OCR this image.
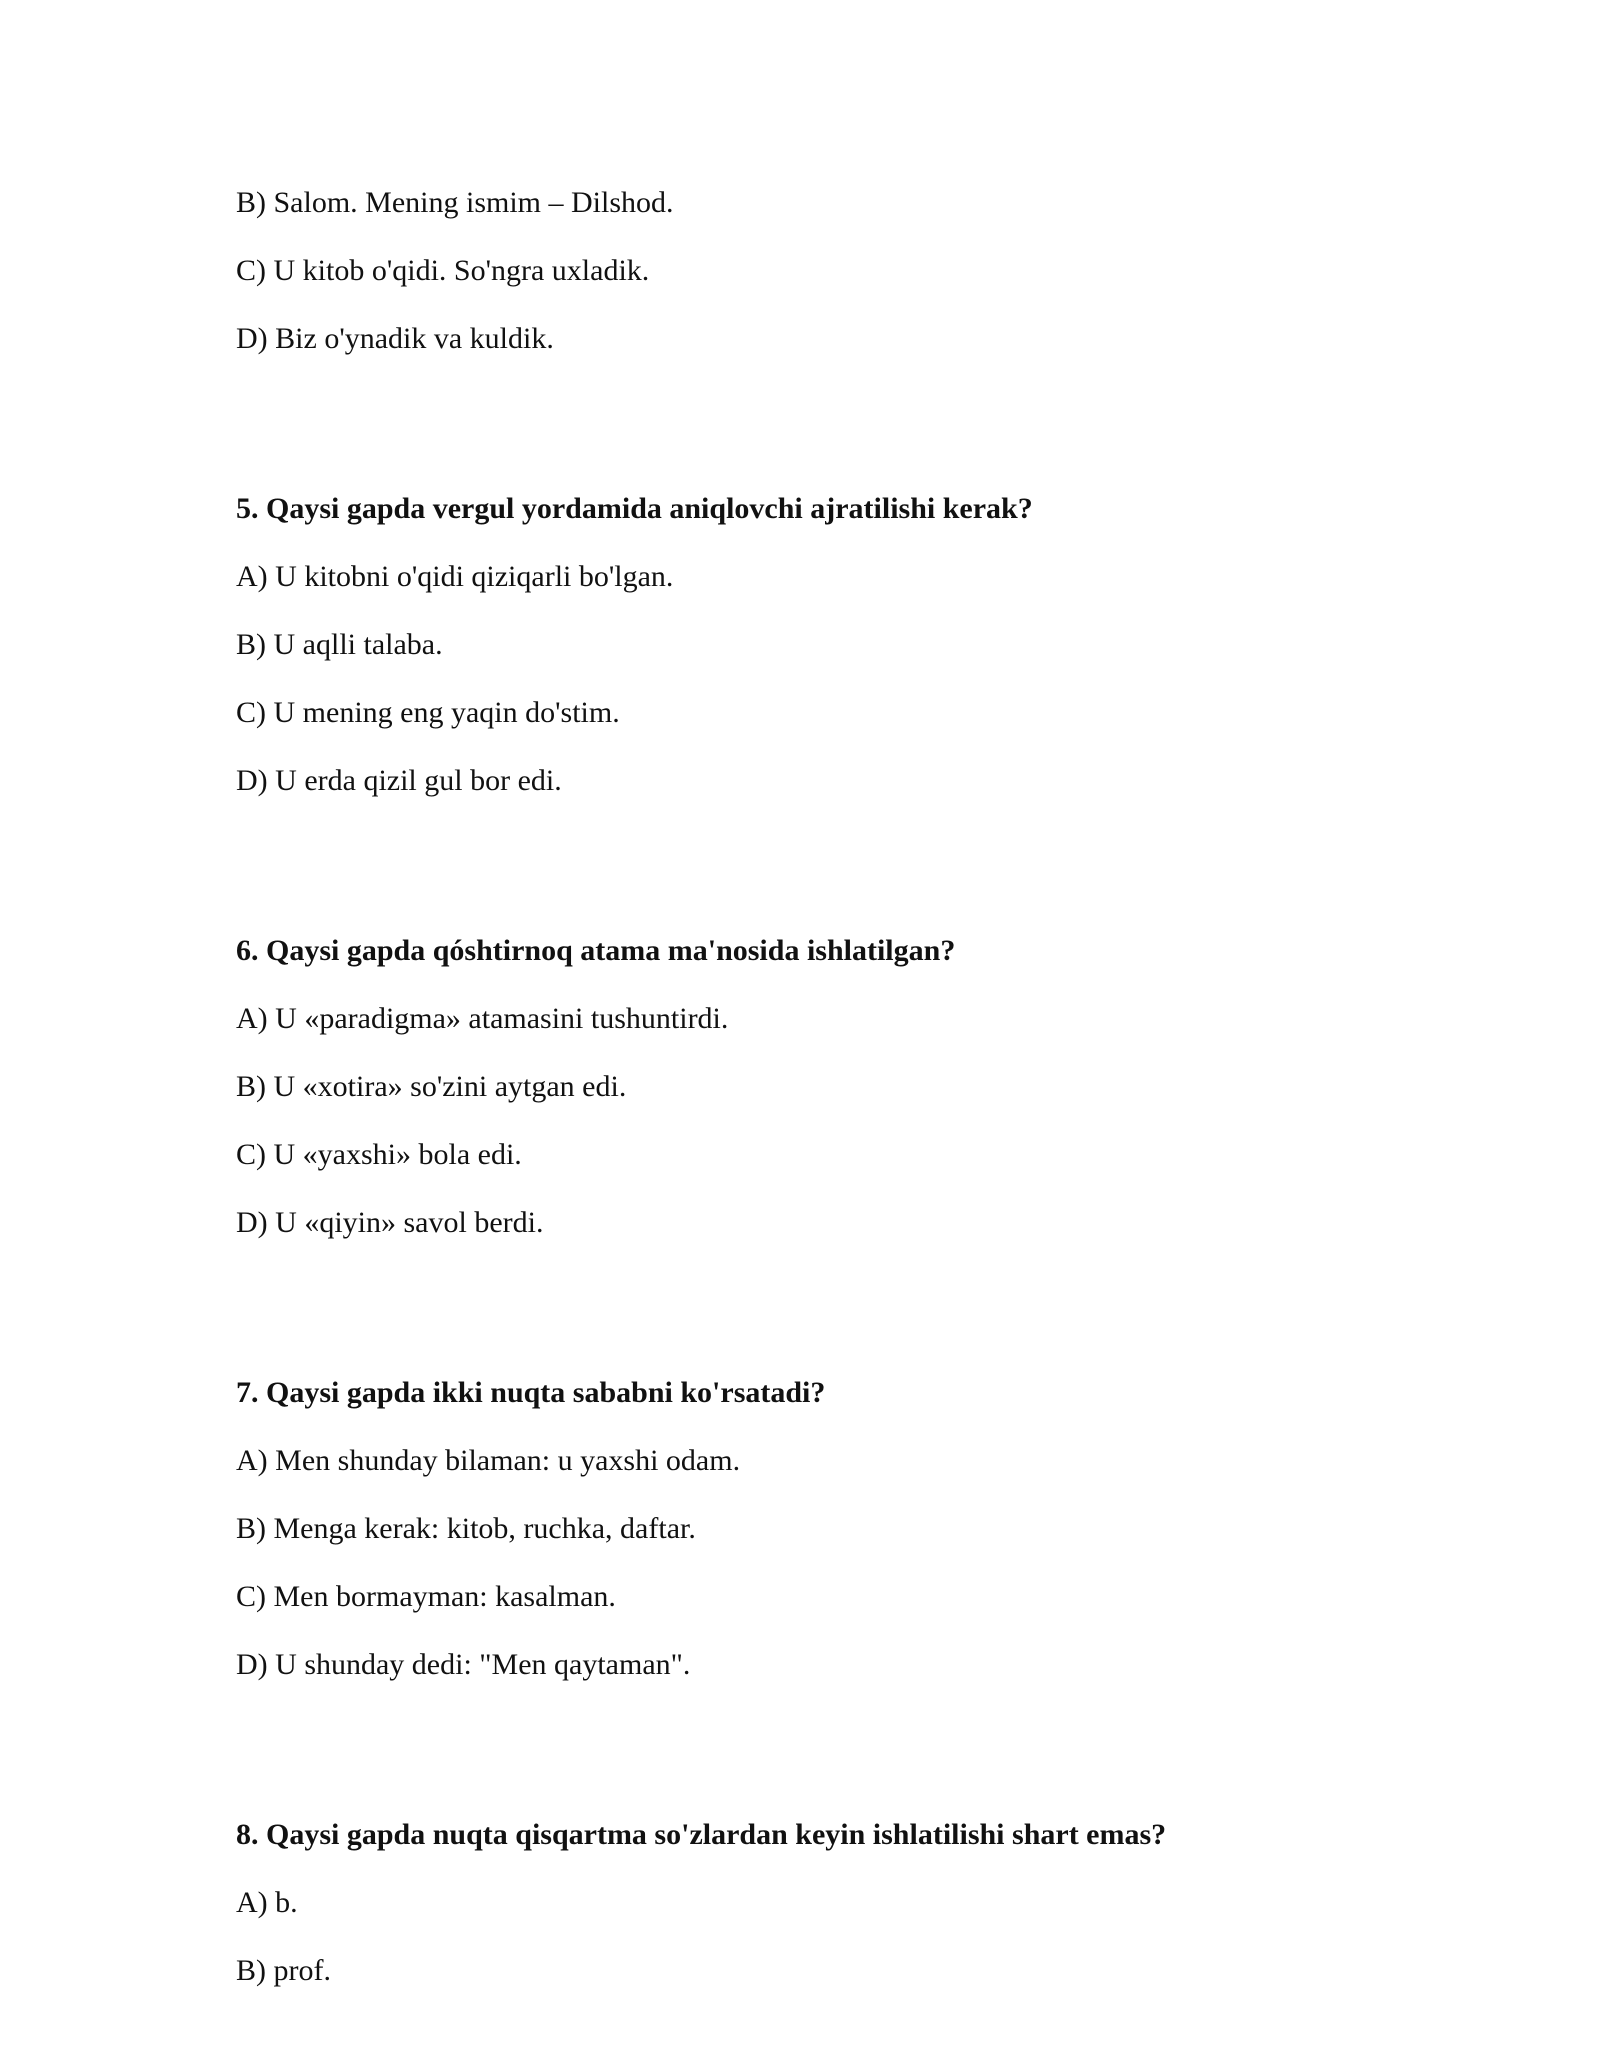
B) Salom. Mening ismim – Dilshod.

C) U kitob o'qidi. So'ngra uxladik.

D) Biz o'ynadik va kuldik.

5. Qaysi gapda vergul yordamida aniqlovchi ajratilishi kerak?

A) U kitobni o'qidi qiziqarli bo'lgan.

B) U aqlli talaba.

C) U mening eng yaqin do'stim.

D) U erda qizil gul bor edi.

6. Qaysi gapda qóshtirnoq atama ma'nosida ishlatilgan?

A) U «paradigma» atamasini tushuntirdi.

B) U «xotira» so'zini aytgan edi.

C) U «yaxshi» bola edi.

D) U «qiyin» savol berdi.

7. Qaysi gapda ikki nuqta sababni ko'rsatadi?

A) Men shunday bilaman: u yaxshi odam.

B) Menga kerak: kitob, ruchka, daftar.

C) Men bormayman: kasalman.

D) U shunday dedi: "Men qaytaman".

8. Qaysi gapda nuqta qisqartma so'zlardan keyin ishlatilishi shart emas?

A) b.

B) prof.
